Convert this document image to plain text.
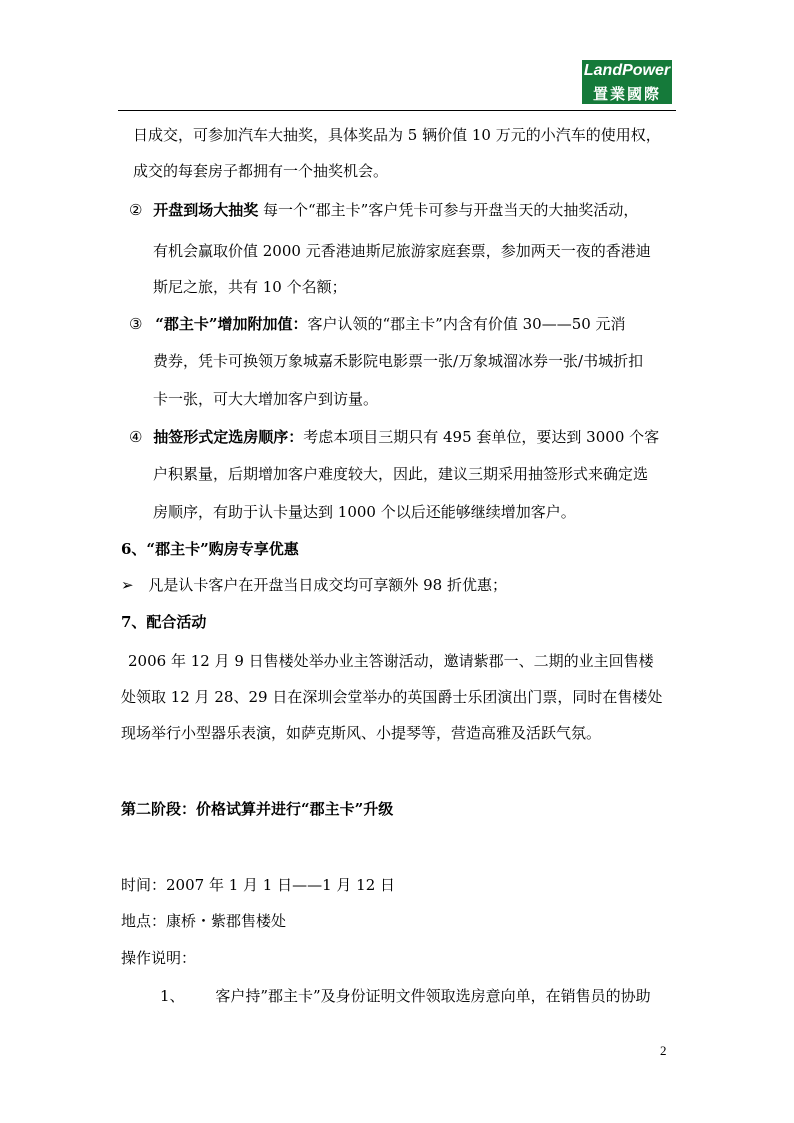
LandPower
置業國際
日成交，可参加汽车大抽奖，具体奖品为 5 辆价值 10 万元的小汽车的使用权，
成交的每套房子都拥有一个抽奖机会。
② 开盘到场大抽奖 每一个“郡主卡”客户凭卡可参与开盘当天的大抽奖活动，
有机会赢取价值 2000 元香港迪斯尼旅游家庭套票，参加两天一夜的香港迪
斯尼之旅，共有 10 个名额；
③ “郡主卡”增加附加值：客户认领的“郡主卡”内含有价值 30——50 元消
费券，凭卡可换领万象城嘉禾影院电影票一张/万象城溜冰券一张/书城折扣
卡一张，可大大增加客户到访量。
④ 抽签形式定选房顺序：考虑本项目三期只有 495 套单位，要达到 3000 个客
户积累量，后期增加客户难度较大，因此，建议三期采用抽签形式来确定选
房顺序，有助于认卡量达到 1000 个以后还能够继续增加客户。
6、“郡主卡”购房专享优惠
➢ 凡是认卡客户在开盘当日成交均可享额外 98 折优惠；
7、配合活动
2006 年 12 月 9 日售楼处举办业主答谢活动，邀请紫郡一、二期的业主回售楼
处领取 12 月 28、29 日在深圳会堂举办的英国爵士乐团演出门票，同时在售楼处
现场举行小型器乐表演，如萨克斯风、小提琴等，营造高雅及活跃气氛。
第二阶段：价格试算并进行“郡主卡”升级
时间：2007 年 1 月 1 日——1 月 12 日
地点：康桥・紫郡售楼处
操作说明：
1、 客户持”郡主卡”及身份证明文件领取选房意向单，在销售员的协助
2
